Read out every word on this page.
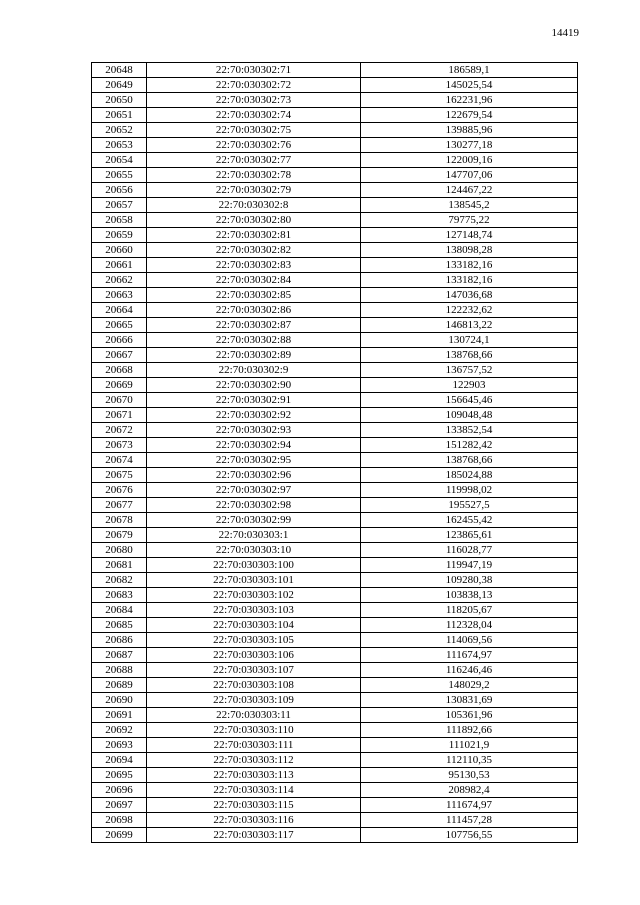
14419
20648	22:70:030302:71	186589,1
20649	22:70:030302:72	145025,54
20650	22:70:030302:73	162231,96
20651	22:70:030302:74	122679,54
20652	22:70:030302:75	139885,96
20653	22:70:030302:76	130277,18
20654	22:70:030302:77	122009,16
20655	22:70:030302:78	147707,06
20656	22:70:030302:79	124467,22
20657	22:70:030302:8	138545,2
20658	22:70:030302:80	79775,22
20659	22:70:030302:81	127148,74
20660	22:70:030302:82	138098,28
20661	22:70:030302:83	133182,16
20662	22:70:030302:84	133182,16
20663	22:70:030302:85	147036,68
20664	22:70:030302:86	122232,62
20665	22:70:030302:87	146813,22
20666	22:70:030302:88	130724,1
20667	22:70:030302:89	138768,66
20668	22:70:030302:9	136757,52
20669	22:70:030302:90	122903
20670	22:70:030302:91	156645,46
20671	22:70:030302:92	109048,48
20672	22:70:030302:93	133852,54
20673	22:70:030302:94	151282,42
20674	22:70:030302:95	138768,66
20675	22:70:030302:96	185024,88
20676	22:70:030302:97	119998,02
20677	22:70:030302:98	195527,5
20678	22:70:030302:99	162455,42
20679	22:70:030303:1	123865,61
20680	22:70:030303:10	116028,77
20681	22:70:030303:100	119947,19
20682	22:70:030303:101	109280,38
20683	22:70:030303:102	103838,13
20684	22:70:030303:103	118205,67
20685	22:70:030303:104	112328,04
20686	22:70:030303:105	114069,56
20687	22:70:030303:106	111674,97
20688	22:70:030303:107	116246,46
20689	22:70:030303:108	148029,2
20690	22:70:030303:109	130831,69
20691	22:70:030303:11	105361,96
20692	22:70:030303:110	111892,66
20693	22:70:030303:111	111021,9
20694	22:70:030303:112	112110,35
20695	22:70:030303:113	95130,53
20696	22:70:030303:114	208982,4
20697	22:70:030303:115	111674,97
20698	22:70:030303:116	111457,28
20699	22:70:030303:117	107756,55
